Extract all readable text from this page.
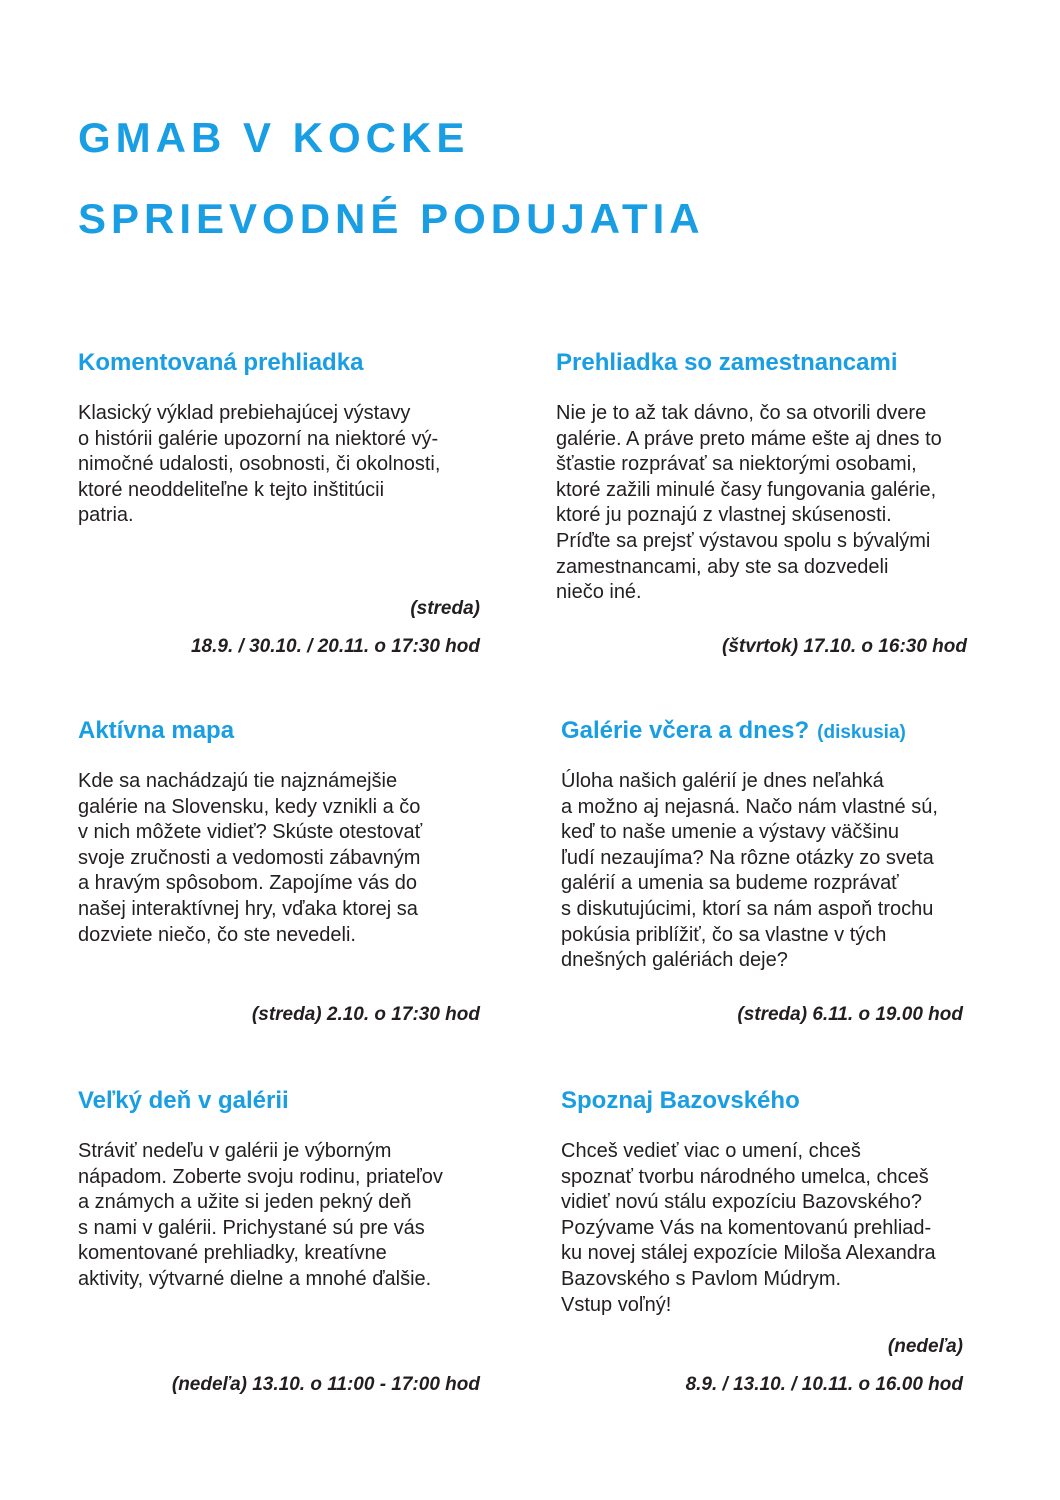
GMAB V KOCKE
SPRIEVODNÉ PODUJATIA
Komentovaná prehliadka

Klasický výklad prebiehajúcej výstavy
o histórii galérie upozorní na niektoré vý-
nimočné udalosti, osobnosti, či okolnosti,
ktoré neoddeliteľne k tejto inštitúcii
patria.

(streda)

18.9. / 30.10. / 20.11. o 17:30 hod

Prehliadka so zamestnancami

Nie je to až tak dávno, čo sa otvorili dvere
galérie. A práve preto máme ešte aj dnes to
šťastie rozprávať sa niektorými osobami,
ktoré zažili minulé časy fungovania galérie,
ktoré ju poznajú z vlastnej skúsenosti.
Príďte sa prejsť výstavou spolu s bývalými
zamestnancami, aby ste sa dozvedeli
niečo iné.

(štvrtok) 17.10. o 16:30 hod

Aktívna mapa

Kde sa nachádzajú tie najznámejšie
galérie na Slovensku, kedy vznikli a čo
v nich môžete vidieť? Skúste otestovať
svoje zručnosti a vedomosti zábavným
a hravým spôsobom. Zapojíme vás do
našej interaktívnej hry, vďaka ktorej sa
dozviete niečo, čo ste nevedeli.

(streda) 2.10. o 17:30 hod

Galérie včera a dnes? (diskusia)

Úloha našich galérií je dnes neľahká
a možno aj nejasná. Načo nám vlastné sú,
keď to naše umenie a výstavy väčšinu
ľudí nezaujíma? Na rôzne otázky zo sveta
galérií a umenia sa budeme rozprávať
s diskutujúcimi, ktorí sa nám aspoň trochu
pokúsia priblížiť, čo sa vlastne v tých
dnešných galériách deje?

(streda) 6.11. o 19.00 hod

Veľký deň v galérii

Stráviť nedeľu v galérii je výborným
nápadom. Zoberte svoju rodinu, priateľov
a známych a užite si jeden pekný deň
s nami v galérii. Prichystané sú pre vás
komentované prehliadky, kreatívne
aktivity, výtvarné dielne a mnohé ďalšie.

(nedeľa) 13.10. o 11:00 - 17:00 hod

Spoznaj Bazovského

Chceš vedieť viac o umení, chceš
spoznať tvorbu národného umelca, chceš
vidieť novú stálu expozíciu Bazovského?
Pozývame Vás na komentovanú prehliad-
ku novej stálej expozície Miloša Alexandra
Bazovského s Pavlom Múdrym.
Vstup voľný!

(nedeľa)

8.9. / 13.10. / 10.11. o 16.00 hod
